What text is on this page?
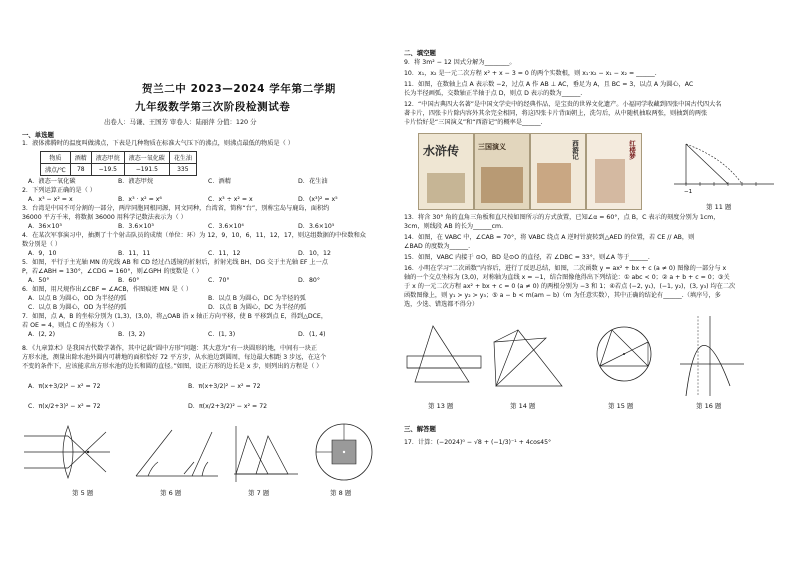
贺兰二中 2023—2024 学年第二学期
九年级数学第三次阶段检测试卷
出卷人：马谦、王国芳 审卷人：陆丽萍 分值：120 分
一、单选题
1．液体沸腾时的温度叫做沸点，下表是几种物质在标准大气压下的沸点，则沸点最低的物质是（ ）
物质	酒精	液态甲烷	液态一氧化碳	花生油
沸点/℃	78	−19.5	−191.5	335
A．液态一氧化碳	B．液态甲烷	C．酒精	D．花生油
2．下列运算正确的是（ ）
A．x³ − x² = x	B．x³ · x² = x⁶	C．x³ ÷ x² = x	D．(x³)² = x⁵
3．台湾是中国不可分割的一部分，两岸同胞同根同源，同文同种，台湾省，简称“台”，别称宝岛与鹿岛，面积约
36000 平方千米，将数据 36000 用科学记数法表示为（ ）
A．36×10³	B．3.6×10³	C．3.6×10⁴	D．3.6×10⁵
4．在某次军事演习中，抽测了十个射击队员的成绩（单位：环）为 12，9，10，6，11，12，17，则这组数据的中位数和众
数分别是（ ）
A．9，10	B．11，11	C．11，12	D．10，12
5．如图，平行于主光轴 MN 的光线 AB 和 CD 经过凸透镜的折射后，折射光线 BH、DG 交于主光轴 EF 上一点
P，若∠ABH = 130°，∠CDG = 160°，则∠GPH 的度数是（ ）
A．50°	B．60°	C．70°	D．80°
6．如图，用尺规作出∠CBF = ∠ACB，作图痕迹 MN 是（ ）
A．以点 B 为圆心，OD 为半径的弧	B．以点 B 为圆心，DC 为半径的弧
C．以点 B 为圆心，OD 为半径的弧	D．以点 B 为圆心，DC 为半径的弧
7．如图，点 A，B 的坐标分别为 (1,3)，(3,0)，将△OAB 沿 x 轴正方向平移，使 B 平移到点 E，得到△DCE，
若 OE = 4，则点 C 的坐标为（ ）
A．(2, 2)	B．(3, 2)	C．(1, 3)	D．(1, 4)
8．《九章算术》是我国古代数学著作，其中记载“圆中方形”问题：其大意为“有一块圆形的地，中间有一块正
方形水池，测量出除水池外圆内可耕地的面积恰好 72 平方步，从水池边到圆周，每边最大相距 3 步远，在这个
不变的条件下，应该能求出方形水池的边长和圆的直径。”如图，设正方形的边长是 x 步，则列出的方程是（ ）
A．π(x+3/2)² − x² = 72	B．π(x+3/2)² − x² = 72
C．π(x/2+3)² − x² = 72	D．π(x/2+3/2)² − x² = 72
第 5 题	第 6 题	第 7 题	第 8 题
二、填空题
9．将 3m² − 12 因式分解为________。
10．x₁，x₂ 是一元二次方程 x² + x − 3 = 0 的两个实数根，则 x₁·x₂ − x₁ − x₂ = ______.
11．如图，在数轴上点 A 表示数 −2，过点 A 作 AB ⊥ AC，垂足为 A，且 BC = 3，以点 A 为圆心，AC
长为半径画弧，交数轴正半轴于点 D，则点 D 表示的数为______.
12．“中国古典四大名著”是中国文学史中的经典作品，是宝贵的世界文化遗产。小福同学收藏到四张中国古代四大名
著卡片，四张卡片除内容外其余完全相同，将这四张卡片背面朝上，洗匀后，从中随机抽取两张，则抽到的两张
卡片恰好是“三国演义”和“西游记”的概率是______.
水浒传	三国演义	西游记	红楼梦
−1
第 11 题
13．将含 30° 角的直角三角板和直尺按如图所示的方式放置，已知∠α = 60°，点 B，C 表示的刻度分别为 1cm，
3cm，则线段 AB 的长为______cm.
14．如图，在 VABC 中，∠CAB = 70°，将 VABC 绕点 A 逆时针旋转到△AED 的位置，若 CE // AB，则
∠BAD 的度数为______.
15．如图，VABC 内接于 ⊙O，BD 是⊙O 的直径，若 ∠DBC = 33°，则∠A 等于______.
16．小明在学习“二次函数”内容后，进行了反思总结，如图，二次函数 y = ax² + bx + c (a ≠ 0) 图像的一部分与 x
轴的一个交点坐标为 (3,0)，对称轴为直线 x = −1，结合图像他得出下列结论：① abc < 0；② a + b + c = 0；③关
于 x 的一元二次方程 ax² + bx + c = 0 (a ≠ 0) 的两根分别为 −3 和 1；④若点 (−2, y₁)，(−1, y₂)，(3, y₃) 均在二次
函数图像上，则 y₁ > y₂ > y₃；⑤ a − b < m(am − b)（m 为任意实数），其中正确的结论有______.（填序号，多
选，少选、错选都不得分）
第 13 题	第 14 题	第 15 题	第 16 题
三、解答题
17．计算：(−2024)⁰ − √8 + (−1/3)⁻¹ + 4cos45°
